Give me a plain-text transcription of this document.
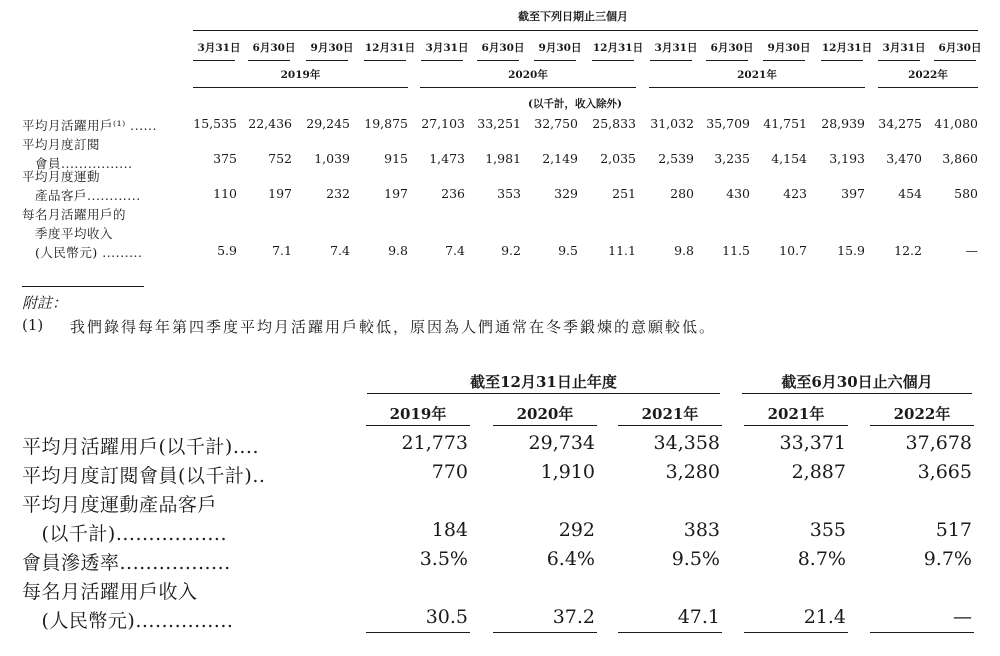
截至下列日期止三個月
3月31日	6月30日	9月30日	12月31日 3月31日	6月30日	9月30日	12月31日	3月31日	6月30日	9月30日	12月31日 3月31日	6月30日
2019年	2020年	2021年	2022年
(以千計，收入除外)
平均月活躍用戶⁽¹⁾ ......	15,535 22,436	29,245	19,875	27,103 33,251	32,750	25,833	31,032 35,709	41,751	28,939	34,275 41,080
平均月度訂閱
　會員................	375	752	1,039	915	1,473	1,981	2,149	2,035	2,539	3,235	4,154	3,193	3,470	3,860
平均月度運動
　產品客戶............	110	197	232	197	236	353	329	251	280	430	423	397	454	580
每名月活躍用戶的
　季度平均收入
　(人民幣元) .........	5.9	7.1	7.4	9.8	7.4	9.2	9.5	11.1	9.8	11.5	10.7	15.9	12.2	—
附註：
(1) 我們錄得每年第四季度平均月活躍用戶較低，原因為人們通常在冬季鍛煉的意願較低。
截至12月31日止年度	截至6月30日止六個月
2019年	2020年	2021年	2021年	2022年
平均月活躍用戶(以千計)....	21,773	29,734	34,358	33,371	37,678
平均月度訂閱會員(以千計)..	770	1,910	3,280	2,887	3,665
平均月度運動產品客戶
　(以千計).................	184	292	383	355	517
會員滲透率.................	3.5%	6.4%	9.5%	8.7%	9.7%
每名月活躍用戶收入
　(人民幣元)...............	30.5	37.2	47.1	21.4	—
